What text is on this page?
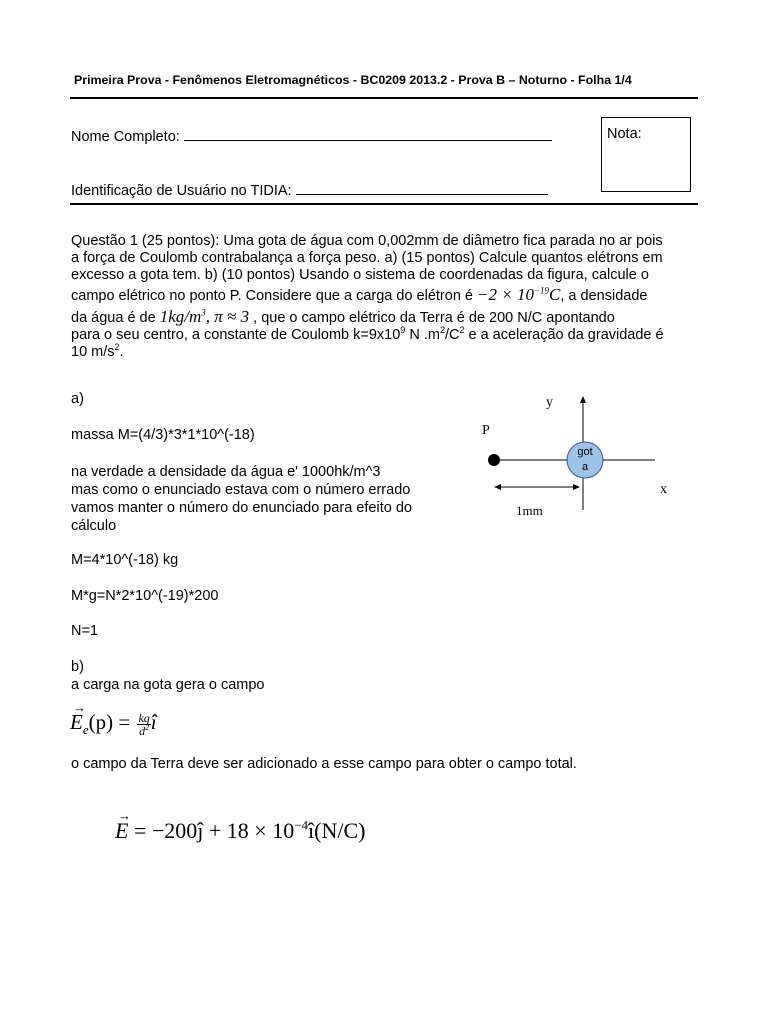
Primeira Prova - Fenômenos Eletromagnéticos - BC0209 2013.2 - Prova B – Noturno - Folha 1/4
Nome Completo:
Identificação de Usuário no TIDIA:
Nota:
Questão 1 (25 pontos): Uma gota de água com 0,002mm de diâmetro fica parada no ar pois
a força de Coulomb contrabalança a força peso. a) (15 pontos) Calcule quantos elétrons em
excesso a gota tem. b) (10 pontos) Usando o sistema de coordenadas da figura, calcule o
campo elétrico no ponto P. Considere que a carga do elétron é $-2 \times 10^{-19}C$, a densidade
da água é de $1kg/m^3$, π ≈ 3 , que o campo elétrico da Terra é de 200 N/C apontando
para o seu centro, a constante de Coulomb $k=9x10^9$ N $.m^2/C^2$ e a aceleração da gravidade é
10 $m/s^2$.
a)
massa M=(4/3)*3*1*10^(-18)
na verdade a densidade da água e' 1000hk/m^3
mas como o enunciado estava com o número errado
vamos manter o número do enunciado para efeito do
cálculo
M=4*10^(-18) kg
M*g=N*2*10^(-19)*200
N=1
b)
a carga na gota gera o campo
→
$E_e(p) = \frac{kq}{d^2}$ î
o campo da Terra deve ser adicionado a esse campo para obter o campo total.
→
E = −200ĵ + $18 \times 10^{-4}î(N/C)$
got
a
y
x
P
1mm
